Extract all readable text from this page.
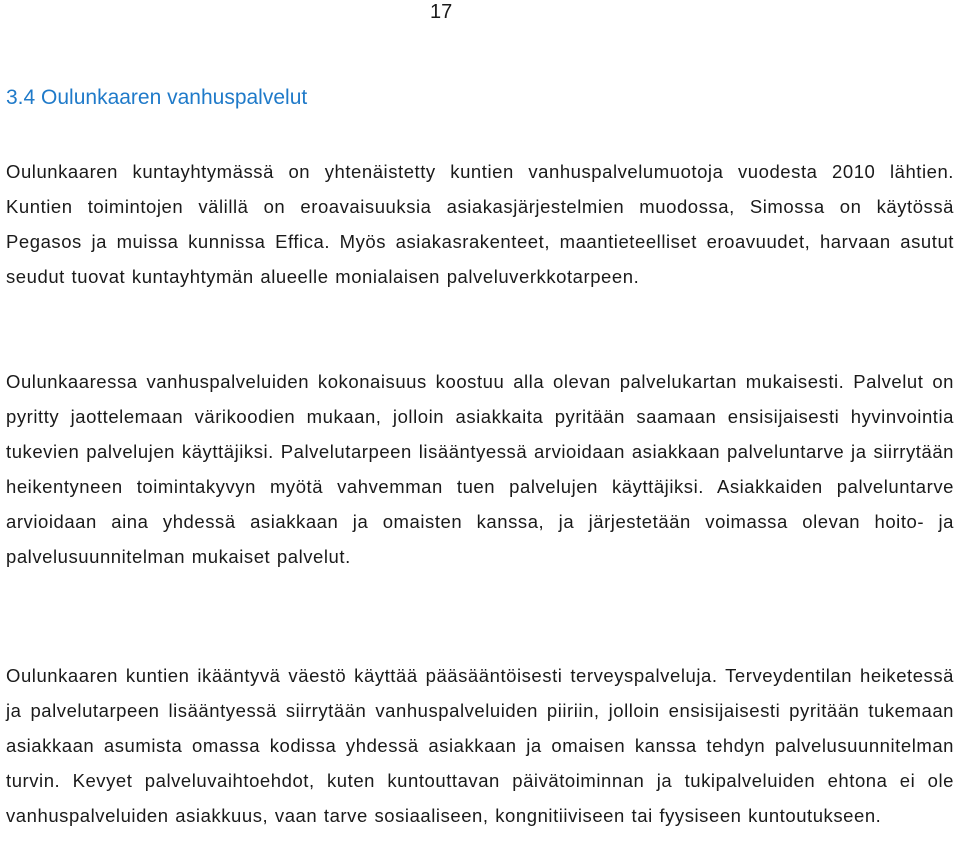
17
3.4 Oulunkaaren vanhuspalvelut

Oulunkaaren kuntayhtymässä on yhtenäistetty kuntien vanhuspalvelumuotoja vuodesta 2010 lähtien. Kuntien toimintojen välillä on eroavaisuuksia asiakasjärjestelmien muodossa, Simossa on käytössä Pegasos ja muissa kunnissa Effica. Myös asiakasrakenteet, maantieteelliset eroavuudet, harvaan asutut seudut tuovat kuntayhtymän alueelle monialaisen palveluverkkotarpeen.

Oulunkaaressa vanhuspalveluiden kokonaisuus koostuu alla olevan palvelukartan mukaisesti. Palvelut on pyritty jaottelemaan värikoodien mukaan, jolloin asiakkaita pyritään saamaan ensisijaisesti hyvinvointia tukevien palvelujen käyttäjiksi. Palvelutarpeen lisääntyessä arvioidaan asiakkaan palveluntarve ja siirrytään heikentyneen toimintakyvyn myötä vahvemman tuen palvelujen käyttäjiksi. Asiakkaiden palveluntarve arvioidaan aina yhdessä asiakkaan ja omaisten kanssa, ja järjestetään voimassa olevan hoito- ja palvelusuunnitelman mukaiset palvelut.

Oulunkaaren kuntien ikääntyvä väestö käyttää pääsääntöisesti terveyspalveluja. Terveydentilan heiketessä ja palvelutarpeen lisääntyessä siirrytään vanhuspalveluiden piiriin, jolloin ensisijaisesti pyritään tukemaan asiakkaan asumista omassa kodissa yhdessä asiakkaan ja omaisen kanssa tehdyn palvelusuunnitelman turvin. Kevyet palveluvaihtoehdot, kuten kuntouttavan päivätoiminnan ja tukipalveluiden ehtona ei ole vanhuspalveluiden asiakkuus, vaan tarve sosiaaliseen, kongnitiiviseen tai fyysiseen kuntoutukseen.
